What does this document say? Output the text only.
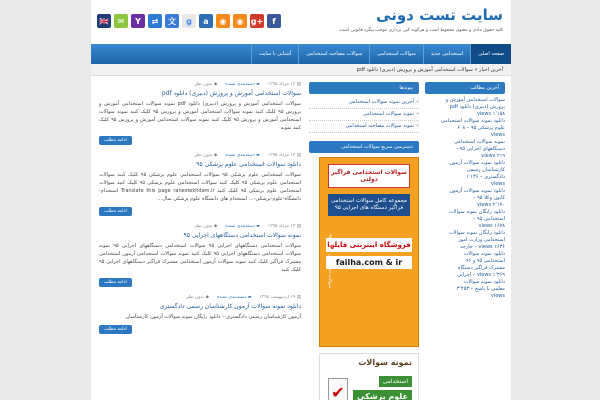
سایت تست دونی
کلیه حقوق مادی و معنوی محفوظ است و هرگونه کپی برداری موجب پیگرد قانونی است.
🇬🇧	✉	Y	⇄	文	g	a	◉	◉ g+	f
صفحه اصلی
استخدامی جدید
سوالات استخدامی
سوالات مصاحبه استخدامی
آشنایی با سایت
آخرین اخبار » سوالات استخدامی آموزش و پرورش (دبیری) دانلود pdf
آخرین مطالب
سوالات استخدامی آموزش و
پرورش (دبیری) دانلود pdf
views ۱٬۱۵۸
دانلود نمونه سوالات استخدامی
علوم پزشکی ۹۵ – ۶۰۸
views
نمونه سوالات استخدامی
دستگاههای اجرایی ۹۵ –
views ۲۱۹
دانلود نمونه سوالات آزمون
کارشناسان رسمی
دادگستری – ۱٬۱۴۶
views
دانلود نمونه سوالات آزمون
کانون وکلا ۹۵ –
views ۲٬۱۷۰
دانلود رایگان نمونه سوالات
استخدامی ۹۵ –
views ۱۶۷۸
دانلود رایگان نمونه سوالات
استخدامی وزارت امور
views ۱۶۳۶ – خارجه
دانلود نمونه سوالات
استخدامی ۹۵ و ۹۶
مشترک فراگیر دستگاه
views ۱٬۳۶۹ – اجرایی
دانلود نمونه سوالات
معلمی با پاسخ – ۳٬۴۵۳
views
پیوندها
»آخرین نمونه سوالات استخدامی
»نمونه سوالات استخدامی
»نمونه سوالات مصاحبه استخدامی
دسترسی سریع سوالات استخدامی
سوالات استخدامی فراگیر دولتی
مجموعه کامل سوالات استخدامی فراگیر دستگاه های اجرایی ۹۵
سوالات استخدامی فراگیر ۹۵
فروشگاه اینترنتی فایلها
failha.com & ir
نمونه سوالات
استخدامی
علوم پزشکی
✔
▤ ۱۳ مرداد ۱۳۹۵
▰ دسته‌بندی نشده
◆ بدون نظر
سوالات استخدامی آموزش و پرورش (دبیری) دانلود pdf
سوالات استخدامی آموزش و پرورش (دبیری) دانلود pdf نمونه سوالات استخدامی آموزش و پرورش ۹۵ کلیک کنید نمونه سوالات استخدامی آموزش و پرورش ۹۵ کلیک کنید نمونه سوالات استخدامی آموزش و پرورش ۹۵ کلیک کنید نمونه سوالات استخدامی آموزش و پرورش ۹۵ کلیک کنید نمونه
ادامه مطلب
▤ ۱۳ مرداد ۱۳۹۵
▰ دسته‌بندی نشده
◆ بدون نظر
دانلود سوالات استخدامی علوم پزشکی ۹۵
سوالات استخدامی علوم پزشکی ۹۵ سوالات استخدامی علوم پزشکی ۹۵ کلیک کنید سوالات استخدامی علوم پزشکی ۹۵ کلیک کنید سوالات استخدامی علوم پزشکی ۹۵ کلیک کنید سوالات استخدامی علوم پزشکی ۹۵ کلیک کنید Translate this page ranestekhdam.ir استخدام-دانشگاه-علوم-پزشکی-… استخدام های دانشگاه علوم پزشکی سال…
ادامه مطلب
▤ ۱۳ مرداد ۱۳۹۵
▰ دسته‌بندی نشده
◆ بدون نظر
نمونه سوالات استخدامی دستگاههای اجرایی ۹۵
سوالات استخدامی دستگاههای اجرایی ۹۵ سوالات استخدامی دستگاههای اجرایی ۹۵ نمونه سوالات استخدامی دستگاههای اجرایی ۹۵ کلیک کنید نمونه سوالات استخدامی آزمون استخدامی مشترک فراگیر کلیک کنید نمونه سوالات آزمون استخدامی مشترک فراگیر دستگاههای اجرایی ۹۵ کلیک کنید
ادامه مطلب
▤ ۱۹ اردیبهشت ۱۳۹۵
▰ دسته‌بندی نشده
◆ بدون نظر
دانلود نمونه سوالات آزمون کارشناسان رسمی دادگستری
آزمون کارشناسان رسمی دادگستری – دانلود رایگان نمونه سوالات آزمون کارشناسان
ادامه مطلب
